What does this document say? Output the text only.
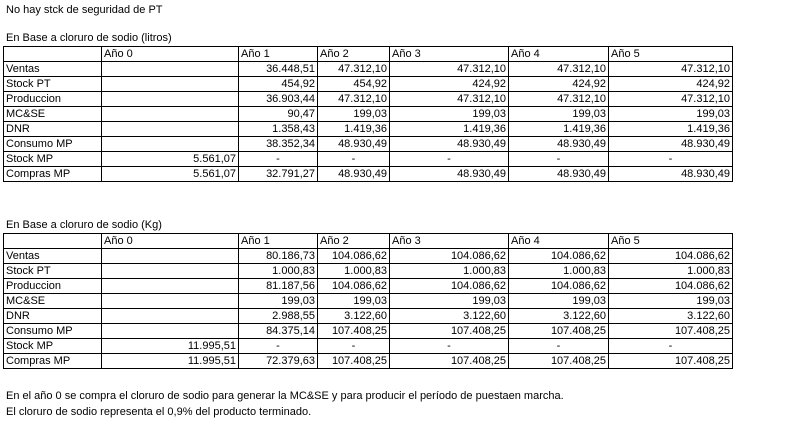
No hay stck de seguridad de PT
En Base a cloruro de sodio (litros)
	Año 0	Año 1	Año 2	Año 3	Año 4	Año 5
Ventas		36.448,51	47.312,10	47.312,10	47.312,10	47.312,10
Stock PT		454,92	454,92	424,92	424,92	424,92
Produccion		36.903,44	47.312,10	47.312,10	47.312,10	47.312,10
MC&SE		90,47	199,03	199,03	199,03	199,03
DNR		1.358,43	1.419,36	1.419,36	1.419,36	1.419,36
Consumo MP		38.352,34	48.930,49	48.930,49	48.930,49	48.930,49
Stock MP	5.561,07	-	-	-	-	-
Compras MP	5.561,07	32.791,27	48.930,49	48.930,49	48.930,49	48.930,49
En Base a cloruro de sodio (Kg)
	Año 0	Año 1	Año 2	Año 3	Año 4	Año 5
Ventas		80.186,73	104.086,62	104.086,62	104.086,62	104.086,62
Stock PT		1.000,83	1.000,83	1.000,83	1.000,83	1.000,83
Produccion		81.187,56	104.086,62	104.086,62	104.086,62	104.086,62
MC&SE		199,03	199,03	199,03	199,03	199,03
DNR		2.988,55	3.122,60	3.122,60	3.122,60	3.122,60
Consumo MP		84.375,14	107.408,25	107.408,25	107.408,25	107.408,25
Stock MP	11.995,51	-	-	-	-	-
Compras MP	11.995,51	72.379,63	107.408,25	107.408,25	107.408,25	107.408,25
En el año 0 se compra el cloruro de sodio para generar la MC&SE y para producir el período de puestaen marcha.
El cloruro de sodio representa el 0,9% del producto terminado.
